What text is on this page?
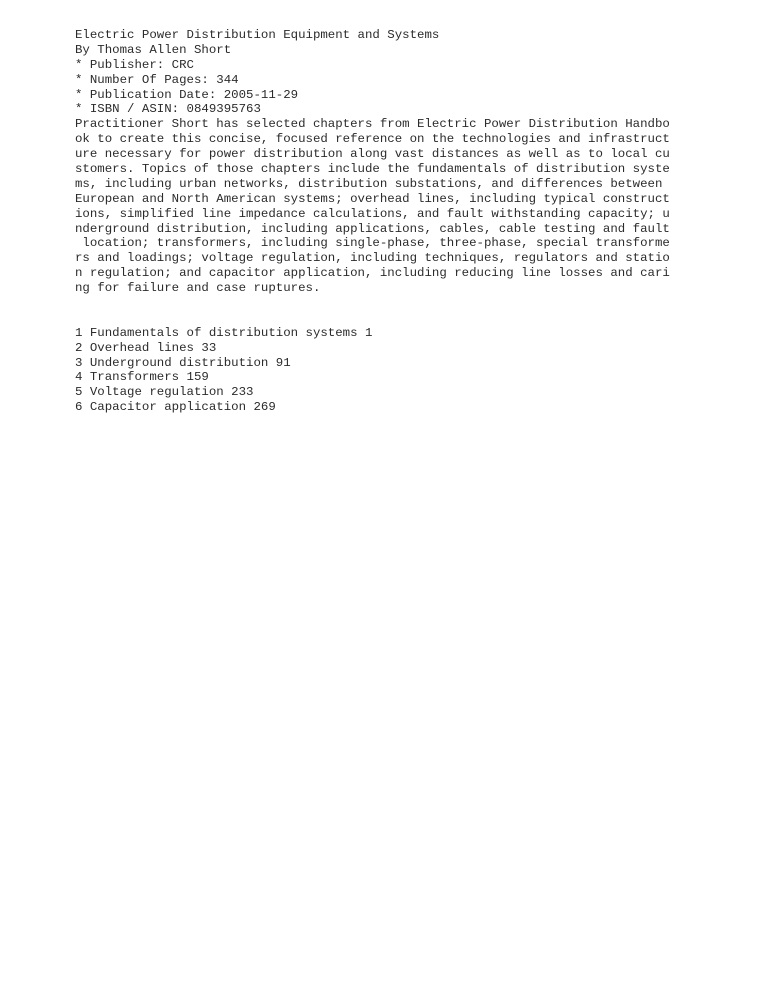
Electric Power Distribution Equipment and Systems
By Thomas Allen Short
* Publisher: CRC
* Number Of Pages: 344
* Publication Date: 2005-11-29
* ISBN / ASIN: 0849395763
Practitioner Short has selected chapters from Electric Power Distribution Handbo
ok to create this concise, focused reference on the technologies and infrastruct
ure necessary for power distribution along vast distances as well as to local cu
stomers. Topics of those chapters include the fundamentals of distribution syste
ms, including urban networks, distribution substations, and differences between
European and North American systems; overhead lines, including typical construct
ions, simplified line impedance calculations, and fault withstanding capacity; u
nderground distribution, including applications, cables, cable testing and fault
location; transformers, including single-phase, three-phase, special transforme
rs and loadings; voltage regulation, including techniques, regulators and statio
n regulation; and capacitor application, including reducing line losses and cari
ng for failure and case ruptures.
1 Fundamentals of distribution systems 1
2 Overhead lines 33
3 Underground distribution 91
4 Transformers 159
5 Voltage regulation 233
6 Capacitor application 269
